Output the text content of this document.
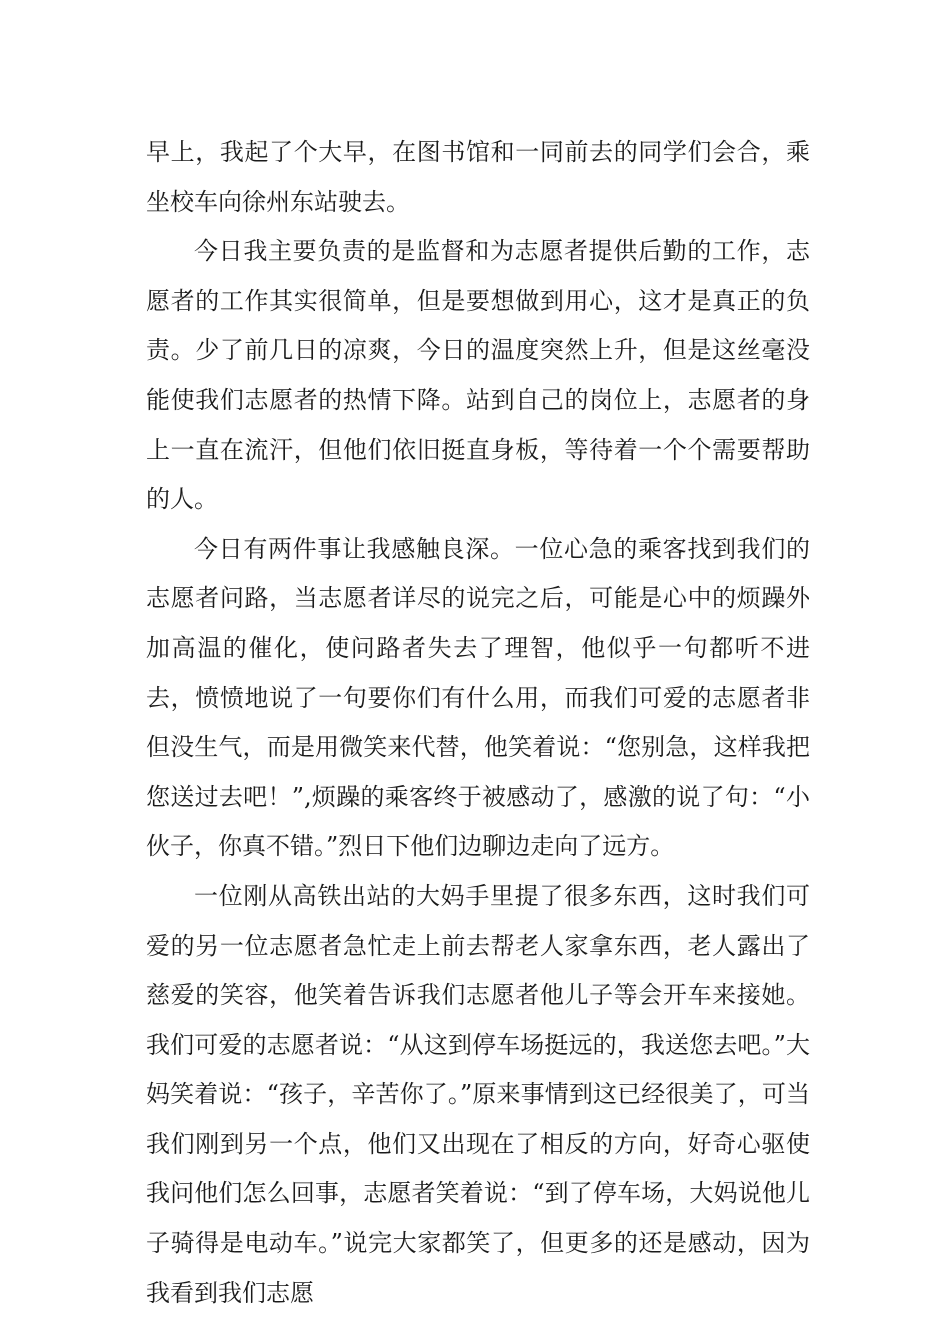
早上，我起了个大早，在图书馆和一同前去的同学们会合，乘坐校车向徐州东站驶去。

今日我主要负责的是监督和为志愿者提供后勤的工作，志愿者的工作其实很简单，但是要想做到用心，这才是真正的负责。少了前几日的凉爽，今日的温度突然上升，但是这丝毫没能使我们志愿者的热情下降。站到自己的岗位上，志愿者的身上一直在流汗，但他们依旧挺直身板，等待着一个个需要帮助的人。

今日有两件事让我感触良深。一位心急的乘客找到我们的志愿者问路，当志愿者详尽的说完之后，可能是心中的烦躁外加高温的催化，使问路者失去了理智，他似乎一句都听不进去，愤愤地说了一句要你们有什么用，而我们可爱的志愿者非但没生气，而是用微笑来代替，他笑着说：“您别急，这样我把您送过去吧！”,烦躁的乘客终于被感动了，感激的说了句：“小伙子，你真不错。”烈日下他们边聊边走向了远方。

一位刚从高铁出站的大妈手里提了很多东西，这时我们可爱的另一位志愿者急忙走上前去帮老人家拿东西，老人露出了慈爱的笑容，他笑着告诉我们志愿者他儿子等会开车来接她。我们可爱的志愿者说：“从这到停车场挺远的，我送您去吧。”大妈笑着说：“孩子，辛苦你了。”原来事情到这已经很美了，可当我们刚到另一个点，他们又出现在了相反的方向，好奇心驱使我问他们怎么回事，志愿者笑着说：“到了停车场，大妈说他儿子骑得是电动车。”说完大家都笑了，但更多的还是感动，因为我看到我们志愿
